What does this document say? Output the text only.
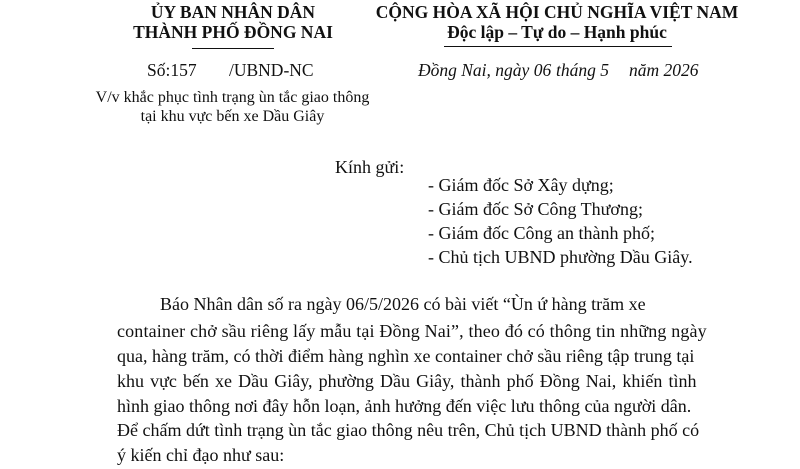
ỦY BAN NHÂN DÂN
THÀNH PHỐ ĐỒNG NAI
Số:157 /UBND-NC
V/v khắc phục tình trạng ùn tắc giao thông
tại khu vực bến xe Dầu Giây
CỘNG HÒA XÃ HỘI CHỦ NGHĨA VIỆT NAM
Độc lập – Tự do – Hạnh phúc
Đồng Nai, ngày 06 tháng 5 năm 2026
Kính gửi:
- Giám đốc Sở Xây dựng;
- Giám đốc Sở Công Thương;
- Giám đốc Công an thành phố;
- Chủ tịch UBND phường Dầu Giây.
Báo Nhân dân số ra ngày 06/5/2026 có bài viết “Ùn ứ hàng trăm xe
container chở sầu riêng lấy mẫu tại Đồng Nai”, theo đó có thông tin những ngày
qua, hàng trăm, có thời điểm hàng nghìn xe container chở sầu riêng tập trung tại
khu vực bến xe Dầu Giây, phường Dầu Giây, thành phố Đồng Nai, khiến tình
hình giao thông nơi đây hỗn loạn, ảnh hưởng đến việc lưu thông của người dân.
Để chấm dứt tình trạng ùn tắc giao thông nêu trên, Chủ tịch UBND thành phố có
ý kiến chỉ đạo như sau:
